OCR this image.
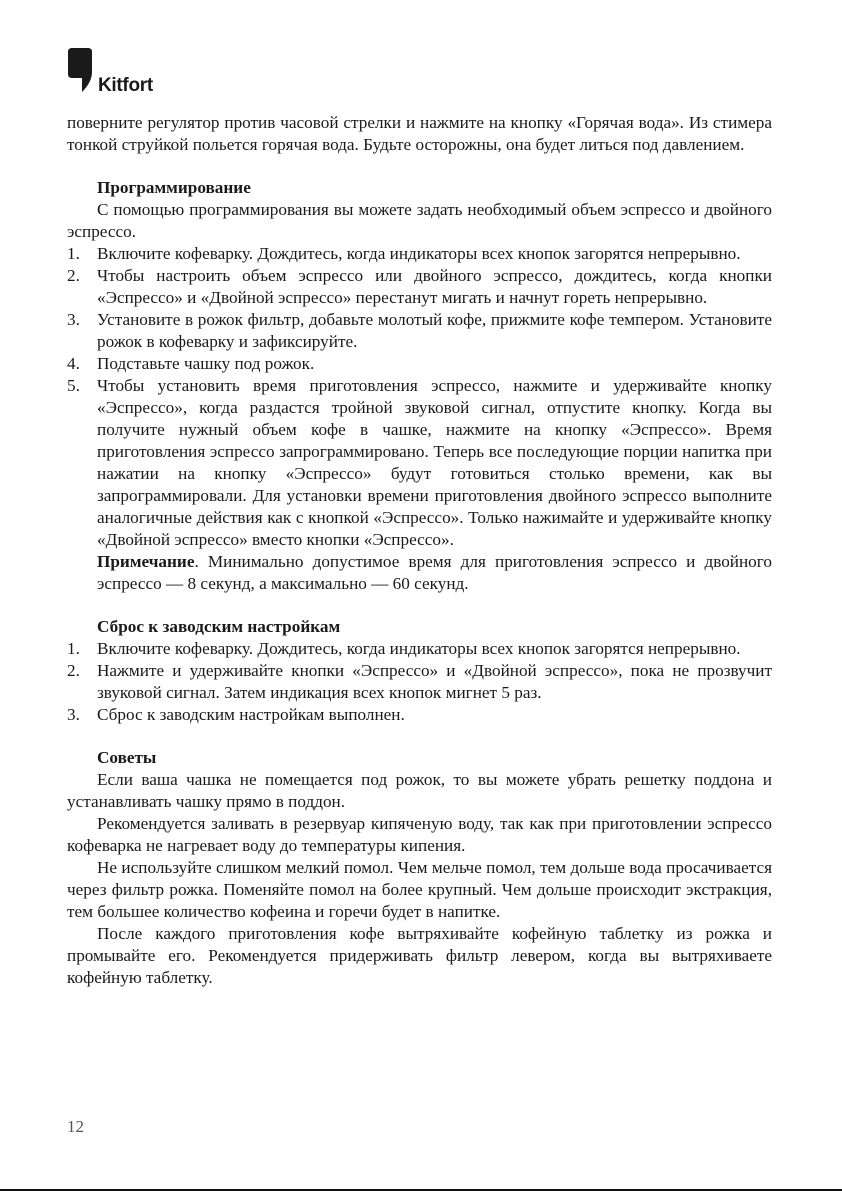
Kitfort

поверните регулятор против часовой стрелки и нажмите на кнопку «Горячая вода». Из стимера тонкой струйкой польется горячая вода. Будьте осторожны, она будет литься под давлением.

Программирование

С помощью программирования вы можете задать необходимый объем эспрессо и двойного эспрессо.

1. Включите кофеварку. Дождитесь, когда индикаторы всех кнопок загорятся непрерывно.
2. Чтобы настроить объем эспрессо или двойного эспрессо, дождитесь, когда кнопки «Эспрессо» и «Двойной эспрессо» перестанут мигать и начнут гореть непрерывно.
3. Установите в рожок фильтр, добавьте молотый кофе, прижмите кофе темпером. Установите рожок в кофеварку и зафиксируйте.
4. Подставьте чашку под рожок.
5. Чтобы установить время приготовления эспрессо, нажмите и удерживайте кнопку «Эспрессо», когда раздастся тройной звуковой сигнал, отпустите кнопку. Когда вы получите нужный объем кофе в чашке, нажмите на кнопку «Эспрессо». Время приготовления эспрессо запрограммировано. Теперь все последующие порции напитка при нажатии на кнопку «Эспрессо» будут готовиться столько времени, как вы запрограммировали. Для установки времени приготовления двойного эспрессо выполните аналогичные действия как с кнопкой «Эспрессо». Только нажимайте и удерживайте кнопку «Двойной эспрессо» вместо кнопки «Эспрессо».

Примечание. Минимально допустимое время для приготовления эспрессо и двойного эспрессо — 8 секунд, а максимально — 60 секунд.

Сброс к заводским настройкам

1. Включите кофеварку. Дождитесь, когда индикаторы всех кнопок загорятся непрерывно.
2. Нажмите и удерживайте кнопки «Эспрессо» и «Двойной эспрессо», пока не прозвучит звуковой сигнал. Затем индикация всех кнопок мигнет 5 раз.
3. Сброс к заводским настройкам выполнен.

Советы

Если ваша чашка не помещается под рожок, то вы можете убрать решетку поддона и устанавливать чашку прямо в поддон.

Рекомендуется заливать в резервуар кипяченую воду, так как при приготовлении эспрессо кофеварка не нагревает воду до температуры кипения.

Не используйте слишком мелкий помол. Чем мельче помол, тем дольше вода просачивается через фильтр рожка. Поменяйте помол на более крупный. Чем дольше происходит экстракция, тем большее количество кофеина и горечи будет в напитке.

После каждого приготовления кофе вытряхивайте кофейную таблетку из рожка и промывайте его. Рекомендуется придерживать фильтр левером, когда вы вытряхиваете кофейную таблетку.

12
